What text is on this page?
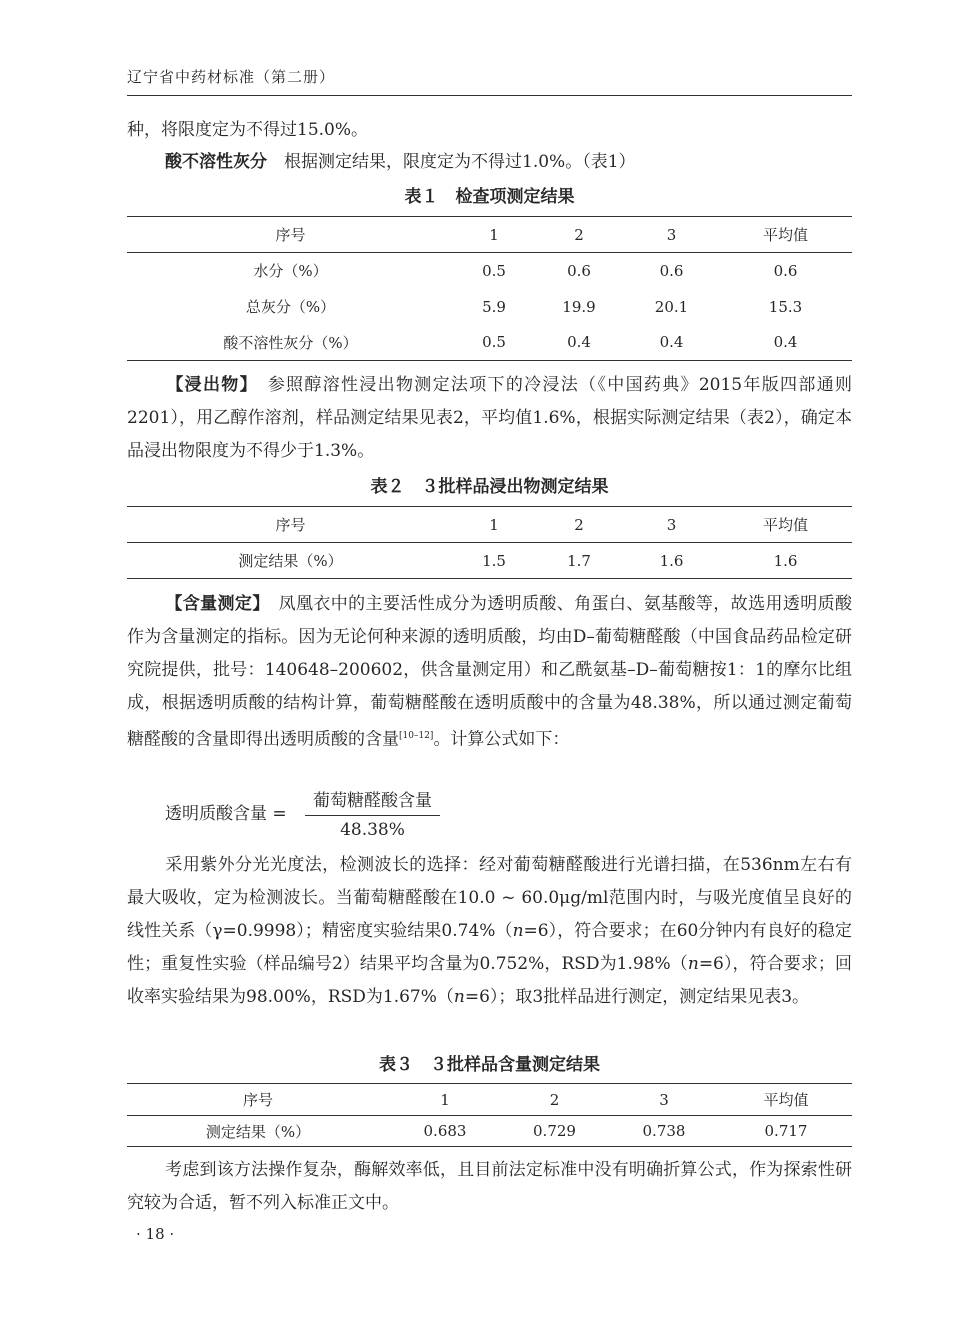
辽宁省中药材标准（第二册）
种，将限度定为不得过15.0%。
酸不溶性灰分　 根据测定结果，限度定为不得过1.0%。（表1）
表１　检查项测定结果
序号	1	2	3	平均值
水分（%）	0.5	0.6	0.6	0.6
总灰分（%）	5.9	19.9	20.1	15.3
酸不溶性灰分（%）	0.5	0.4	0.4	0.4
【浸出物】　 参照醇溶性浸出物测定法项下的冷浸法（《中国药典》2015年版四部通则2201），用乙醇作溶剂，样品测定结果见表2，平均值1.6%，根据实际测定结果（表2），确定本品浸出物限度为不得少于1.3%。
表２　３批样品浸出物测定结果
序号	1	2	3	平均值
测定结果（%）	1.5	1.7	1.6	1.6
【含量测定】　 凤凰衣中的主要活性成分为透明质酸、角蛋白、氨基酸等，故选用透明质酸作为含量测定的指标。因为无论何种来源的透明质酸，均由D–葡萄糖醛酸（中国食品药品检定研究院提供，批号：140648–200602，供含量测定用）和乙酰氨基–D–葡萄糖按1：1的摩尔比组成，根据透明质酸的结构计算，葡萄糖醛酸在透明质酸中的含量为48.38%，所以通过测定葡萄糖醛酸的含量即得出透明质酸的含量[10–12]。计算公式如下：
透明质酸含量 =
葡萄糖醛酸含量
48.38%
采用紫外分光光度法，检测波长的选择：经对葡萄糖醛酸进行光谱扫描，在536nm左右有最大吸收，定为检测波长。当葡萄糖醛酸在10.0 ~ 60.0μg/ml范围内时，与吸光度值呈良好的线性关系（γ=0.9998）；精密度实验结果0.74%（n=6），符合要求；在60分钟内有良好的稳定性；重复性实验（样品编号2）结果平均含量为0.752%，RSD为1.98%（n=6），符合要求；回收率实验结果为98.00%，RSD为1.67%（n=6）；取3批样品进行测定，测定结果见表3。
表３　３批样品含量测定结果
序号	1	2	3	平均值
测定结果（%）	0.683	0.729	0.738	0.717
考虑到该方法操作复杂，酶解效率低，且目前法定标准中没有明确折算公式，作为探索性研究较为合适，暂不列入标准正文中。
· 18 ·
